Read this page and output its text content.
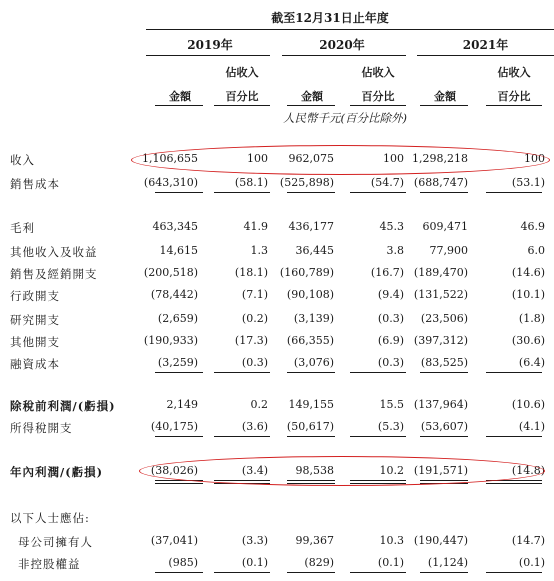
截至12月31日止年度
2019年	2020年	2021年
佔收入	佔收入	佔收入
金額	百分比	金額	百分比	金額	百分比
人民幣千元(百分比除外)
收入	1,106,655	100	962,075	100 1,298,218	100
銷售成本	(643,310)	(58.1)	(525,898)	(54.7) (688,747)	(53.1)
毛利	463,345	41.9	436,177	45.3	609,471	46.9
其他收入及收益	14,615	1.3	36,445	3.8	77,900	6.0
銷售及經銷開支	(200,518)	(18.1)	(160,789)	(16.7) (189,470)	(14.6)
行政開支	(78,442)	(7.1)	(90,108)	(9.4) (131,522)	(10.1)
研究開支	(2,659)	(0.2)	(3,139)	(0.3)	(23,506)	(1.8)
其他開支	(190,933)	(17.3)	(66,355)	(6.9) (397,312)	(30.6)
融資成本	(3,259)	(0.3)	(3,076)	(0.3)	(83,525)	(6.4)
除稅前利潤/(虧損)	2,149	0.2	149,155	15.5 (137,964)	(10.6)
所得稅開支	(40,175)	(3.6)	(50,617)	(5.3)	(53,607)	(4.1)
年內利潤/(虧損)	(38,026)	(3.4)	98,538	10.2 (191,571)	(14.8)
以下人士應佔:
母公司擁有人	(37,041)	(3.3)	99,367	10.3 (190,447)	(14.7)
非控股權益	(985)	(0.1)	(829)	(0.1)	(1,124)	(0.1)
